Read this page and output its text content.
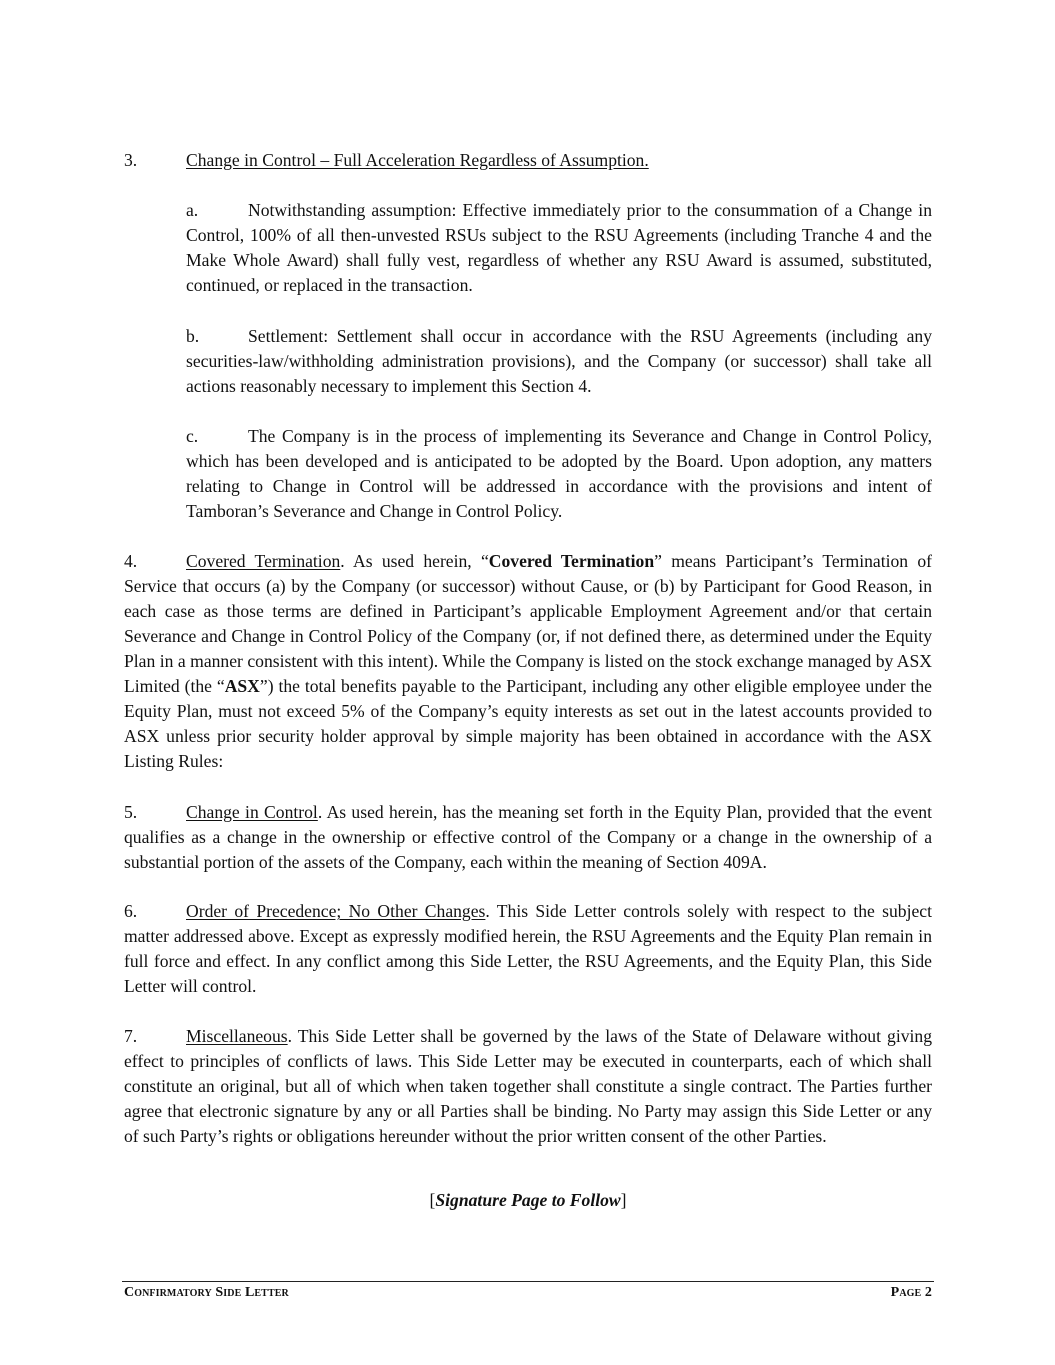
3.	Change in Control – Full Acceleration Regardless of Assumption.
a.	Notwithstanding assumption: Effective immediately prior to the consummation of a Change in Control, 100% of all then-unvested RSUs subject to the RSU Agreements (including Tranche 4 and the Make Whole Award) shall fully vest, regardless of whether any RSU Award is assumed, substituted, continued, or replaced in the transaction.
b.	Settlement: Settlement shall occur in accordance with the RSU Agreements (including any securities-law/withholding administration provisions), and the Company (or successor) shall take all actions reasonably necessary to implement this Section 4.
c.	The Company is in the process of implementing its Severance and Change in Control Policy, which has been developed and is anticipated to be adopted by the Board. Upon adoption, any matters relating to Change in Control will be addressed in accordance with the provisions and intent of Tamboran’s Severance and Change in Control Policy.
4.	Covered Termination. As used herein, “Covered Termination” means Participant’s Termination of Service that occurs (a) by the Company (or successor) without Cause, or (b) by Participant for Good Reason, in each case as those terms are defined in Participant’s applicable Employment Agreement and/or that certain Severance and Change in Control Policy of the Company (or, if not defined there, as determined under the Equity Plan in a manner consistent with this intent). While the Company is listed on the stock exchange managed by ASX Limited (the “ASX”) the total benefits payable to the Participant, including any other eligible employee under the Equity Plan, must not exceed 5% of the Company’s equity interests as set out in the latest accounts provided to ASX unless prior security holder approval by simple majority has been obtained in accordance with the ASX Listing Rules:
5.	Change in Control. As used herein, has the meaning set forth in the Equity Plan, provided that the event qualifies as a change in the ownership or effective control of the Company or a change in the ownership of a substantial portion of the assets of the Company, each within the meaning of Section 409A.
6.	Order of Precedence; No Other Changes. This Side Letter controls solely with respect to the subject matter addressed above. Except as expressly modified herein, the RSU Agreements and the Equity Plan remain in full force and effect. In any conflict among this Side Letter, the RSU Agreements, and the Equity Plan, this Side Letter will control.
7.	Miscellaneous. This Side Letter shall be governed by the laws of the State of Delaware without giving effect to principles of conflicts of laws. This Side Letter may be executed in counterparts, each of which shall constitute an original, but all of which when taken together shall constitute a single contract. The Parties further agree that electronic signature by any or all Parties shall be binding. No Party may assign this Side Letter or any of such Party’s rights or obligations hereunder without the prior written consent of the other Parties.
[Signature Page to Follow]
Confirmatory Side Letter	Page 2
